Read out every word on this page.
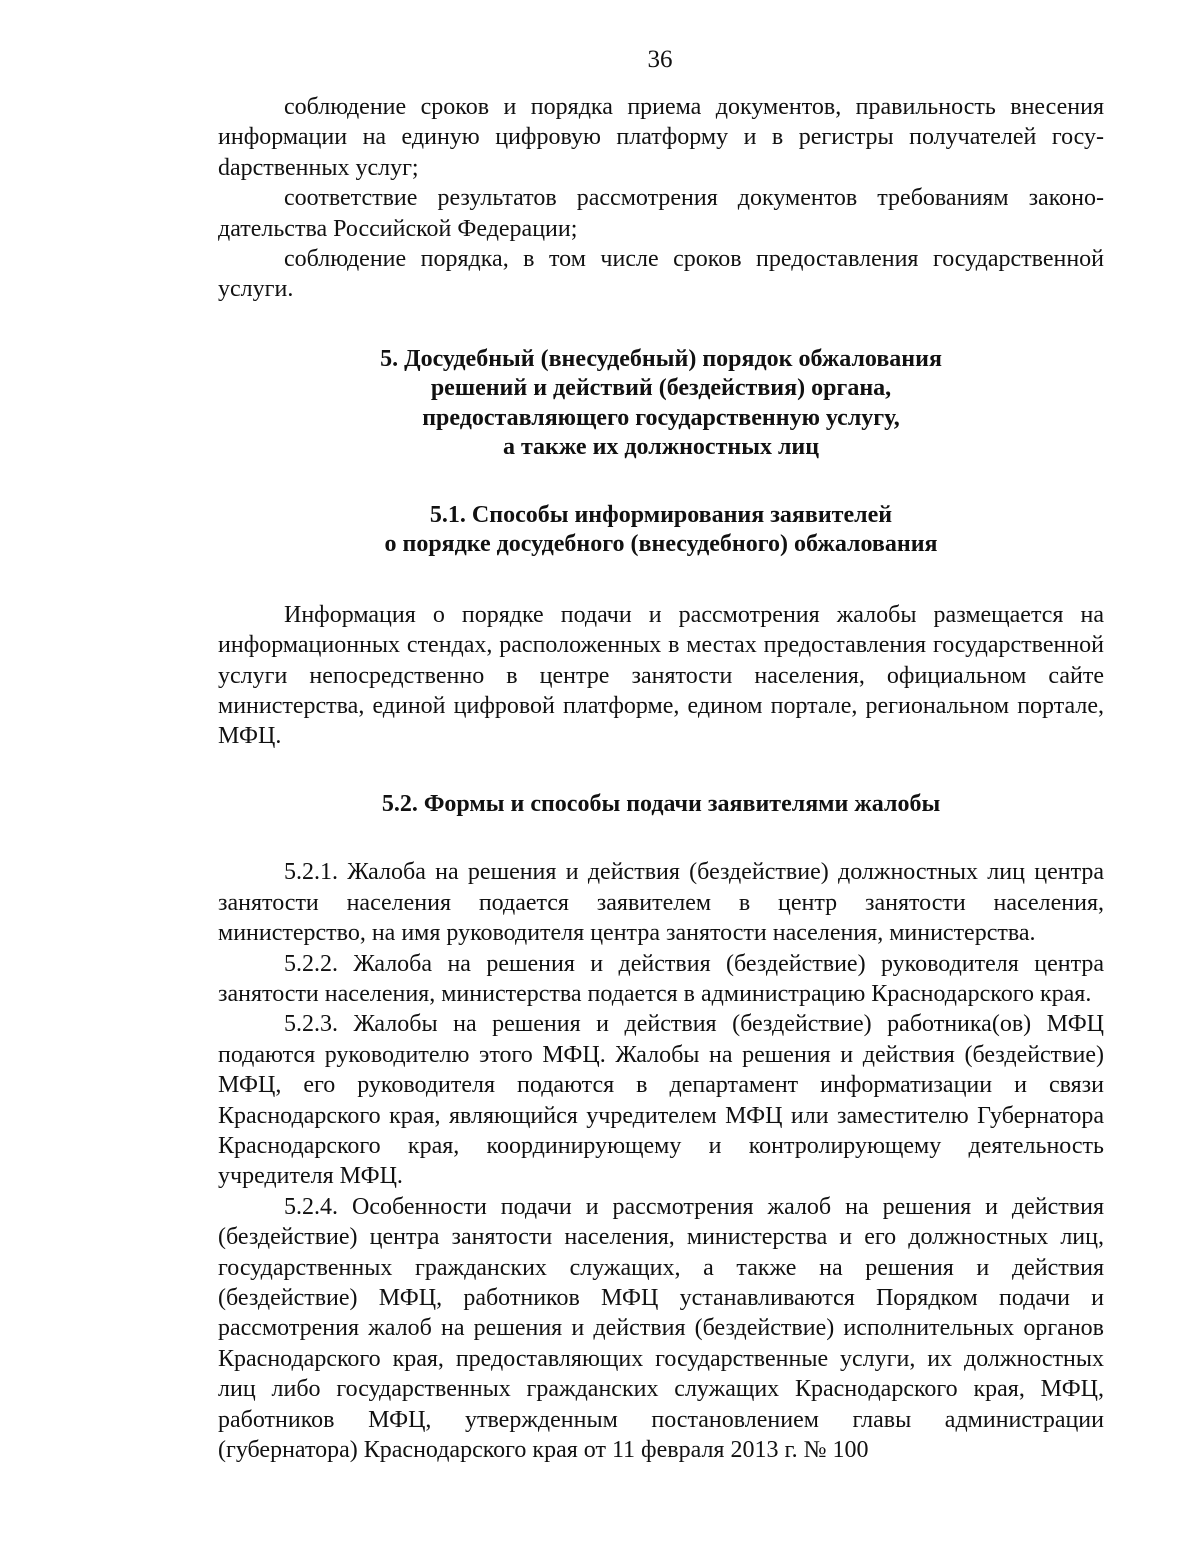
36

соблюдение сроков и порядка приема документов, правильность внесения информации на единую цифровую платформу и в регистры получателей госуdарственных услуг;

соответствие результатов рассмотрения документов требованиям законодательства Российской Федерации;

соблюдение порядка, в том числе сроков предоставления государственной услуги.

5. Досудебный (внесудебный) порядок обжалования
решений и действий (бездействия) органа,
предоставляющего государственную услугу,
а также их должностных лиц
5.1. Способы информирования заявителей
о порядке досудебного (внесудебного) обжалования

Информация о порядке подачи и рассмотрения жалобы размещается на информационных стендах, расположенных в местах предоставления государственной услуги непосредственно в центре занятости населения, официальном сайте министерства, единой цифровой платформе, едином портале, региональном портале, МФЦ.

5.2. Формы и способы подачи заявителями жалобы

5.2.1. Жалоба на решения и действия (бездействие) должностных лиц центра занятости населения подается заявителем в центр занятости населения, министерство, на имя руководителя центра занятости населения, министерства.

5.2.2. Жалоба на решения и действия (бездействие) руководителя центра занятости населения, министерства подается в администрацию Краснодарского края.

5.2.3. Жалобы на решения и действия (бездействие) работника(ов) МФЦ подаются руководителю этого МФЦ. Жалобы на решения и действия (бездействие) МФЦ, его руководителя подаются в департамент информатизации и связи Краснодарского края, являющийся учредителем МФЦ или заместителю Губернатора Краснодарского края, координирующему и контролирующему деятельность учредителя МФЦ.

5.2.4. Особенности подачи и рассмотрения жалоб на решения и действия (бездействие) центра занятости населения, министерства и его должностных лиц, государственных гражданских служащих, а также на решения и действия (бездействие) МФЦ, работников МФЦ устанавливаются Порядком подачи и рассмотрения жалоб на решения и действия (бездействие) исполнительных органов Краснодарского края, предоставляющих государственные услуги, их должностных лиц либо государственных гражданских служащих Краснодарского края, МФЦ, работников МФЦ, утвержденным постановлением главы администрации (губернатора) Краснодарского края от 11 февраля 2013 г. № 100
